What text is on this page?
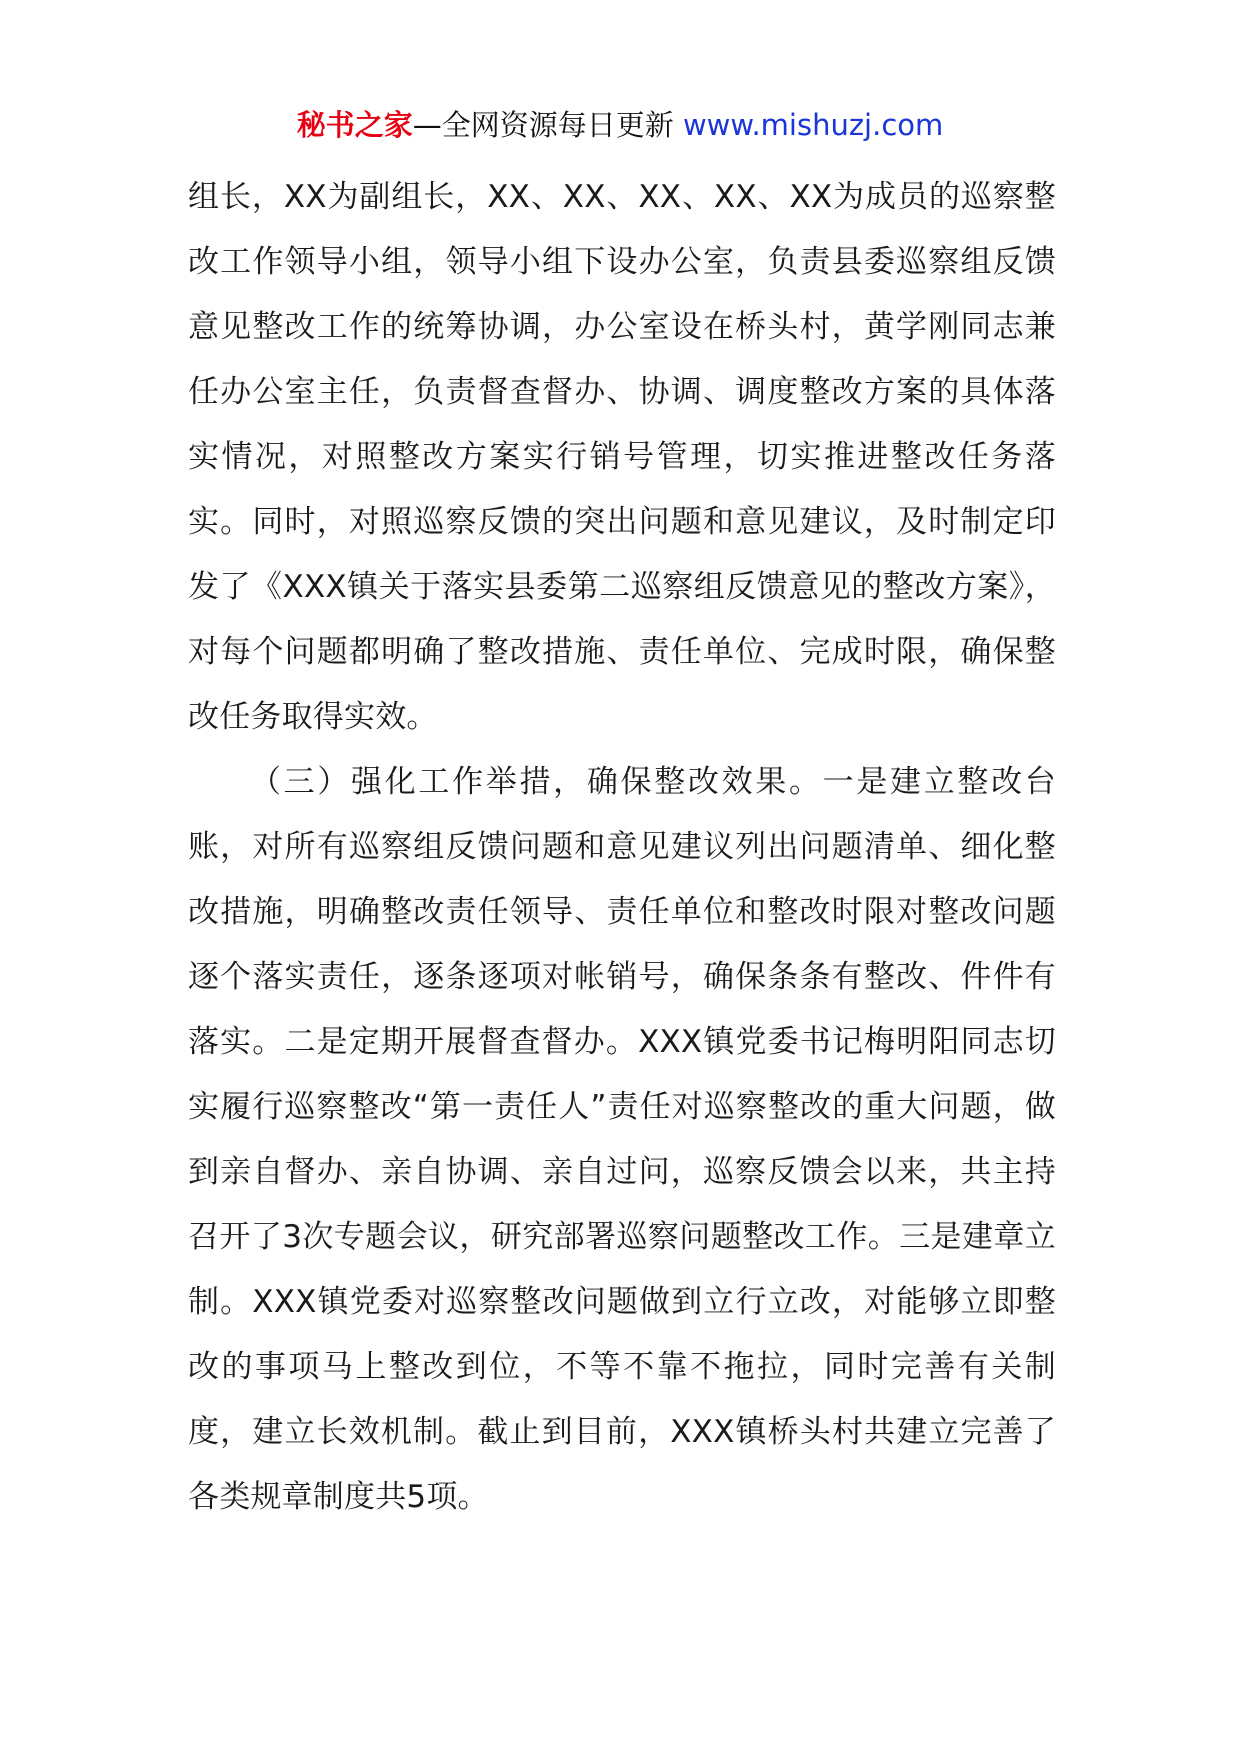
秘书之家—全网资源每日更新 www.mishuzj.com

组长，XX为副组长，XX、XX、XX、XX、XX为成员的巡察整改工作领导小组，领导小组下设办公室，负责县委巡察组反馈意见整改工作的统筹协调，办公室设在桥头村，黄学刚同志兼任办公室主任，负责督查督办、协调、调度整改方案的具体落实情况，对照整改方案实行销号管理，切实推进整改任务落实。同时，对照巡察反馈的突出问题和意见建议，及时制定印发了《XXX镇关于落实县委第二巡察组反馈意见的整改方案》，对每个问题都明确了整改措施、责任单位、完成时限，确保整改任务取得实效。

（三）强化工作举措，确保整改效果。一是建立整改台账，对所有巡察组反馈问题和意见建议列出问题清单、细化整改措施，明确整改责任领导、责任单位和整改时限对整改问题逐个落实责任，逐条逐项对帐销号，确保条条有整改、件件有落实。二是定期开展督查督办。XXX镇党委书记梅明阳同志切实履行巡察整改“第一责任人”责任对巡察整改的重大问题，做到亲自督办、亲自协调、亲自过问，巡察反馈会以来，共主持召开了3次专题会议，研究部署巡察问题整改工作。三是建章立制。XXX镇党委对巡察整改问题做到立行立改，对能够立即整改的事项马上整改到位，不等不靠不拖拉，同时完善有关制度，建立长效机制。截止到目前，XXX镇桥头村共建立完善了各类规章制度共5项。
